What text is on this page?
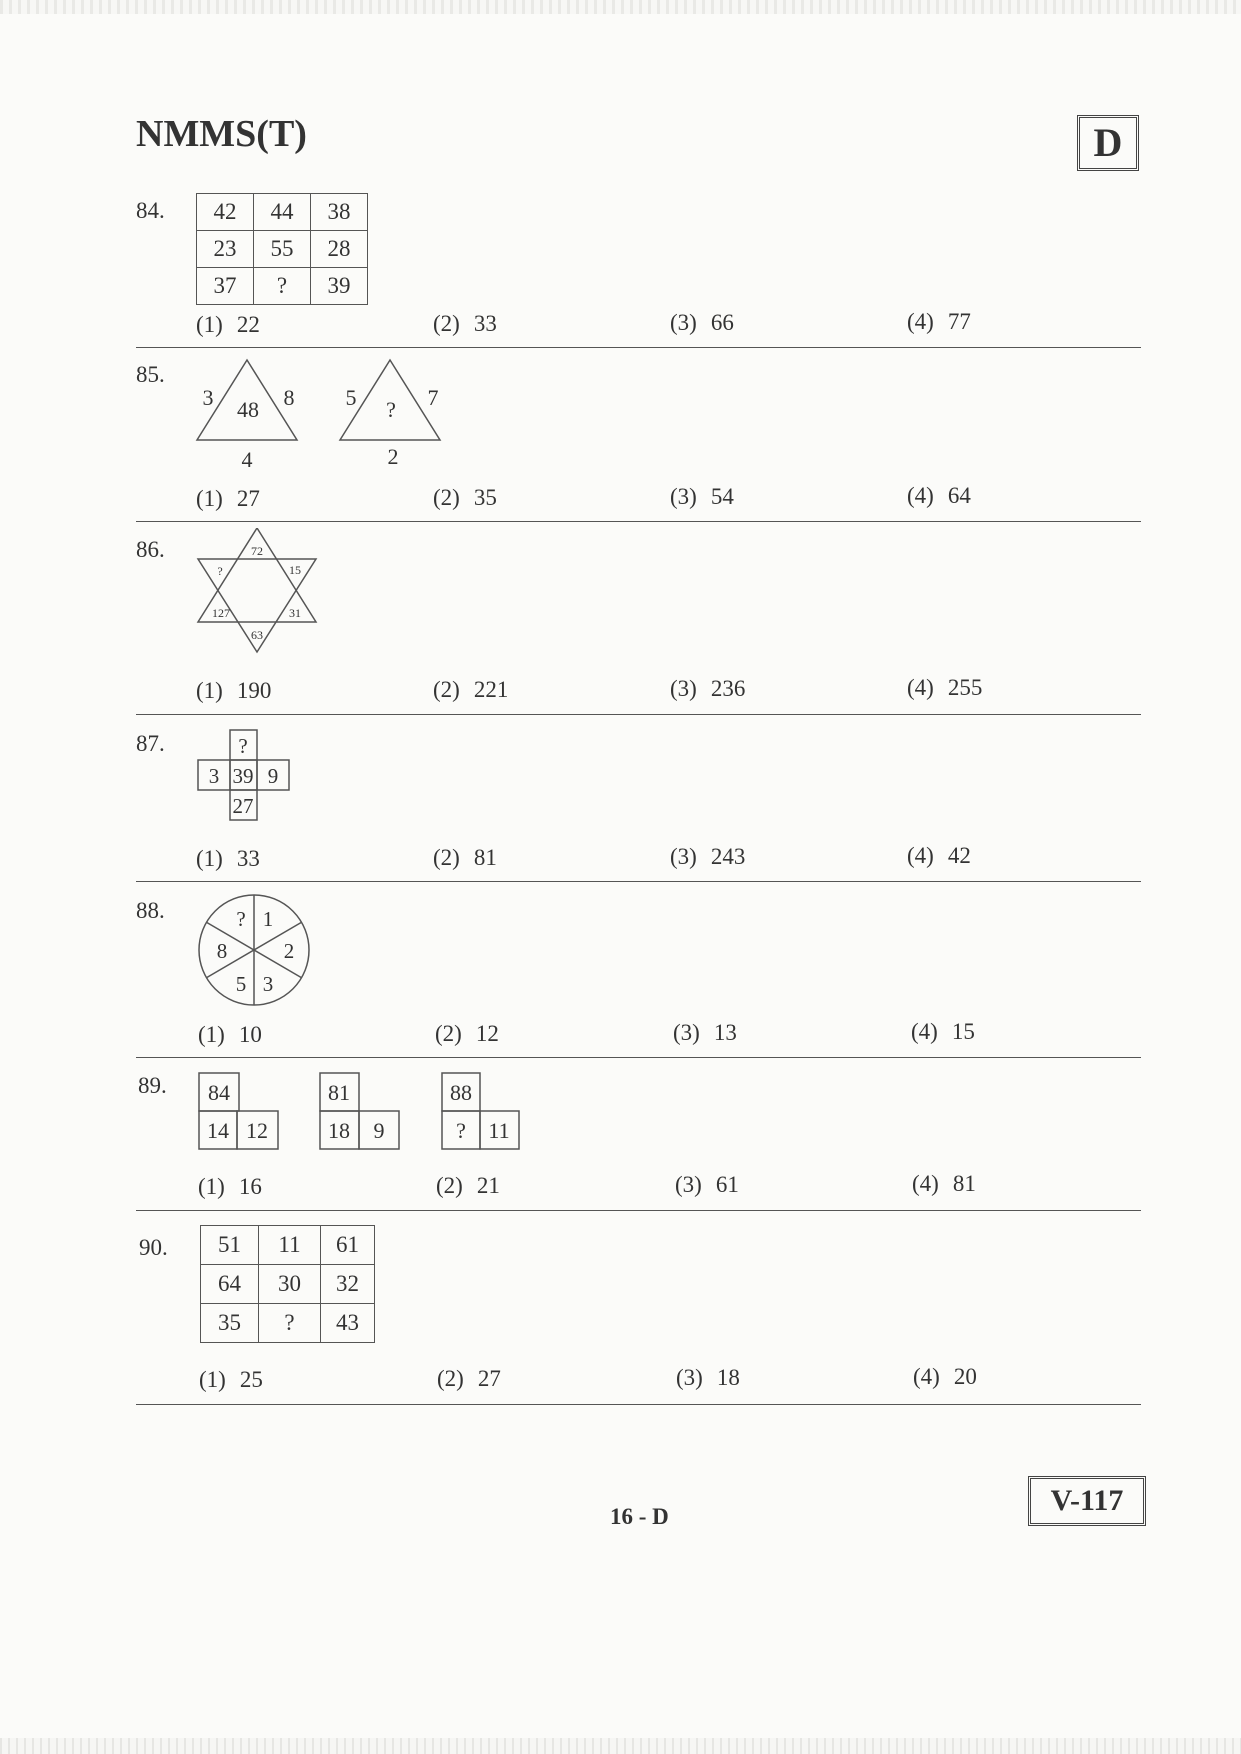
NMMS(T)	D
84. 42	44	38
23	55	28
37	?	39
(1) 22	(2) 33	(3) 66	(4) 77
85.
3	8
4
48	5	7
2
?
(1) 27	(2) 35	(3) 54	(4) 64
86.	72
15
31
63
127
?
(1) 190	(2) 221	(3) 236	(4) 255
87.	?
3 39 9
27
(1) 33	(2) 81	(3) 243	(4) 42
88.	? 1
2
3
5
8
(1) 10	(2) 12	(3) 13	(4) 15
89. 84
14 12
81
18 9
88
? 11
(1) 16	(2) 21	(3) 61	(4) 81
90. 51	11	61
64	30	32
35	?	43
(1) 25	(2) 27	(3) 18	(4) 20
V-117
16 - D
